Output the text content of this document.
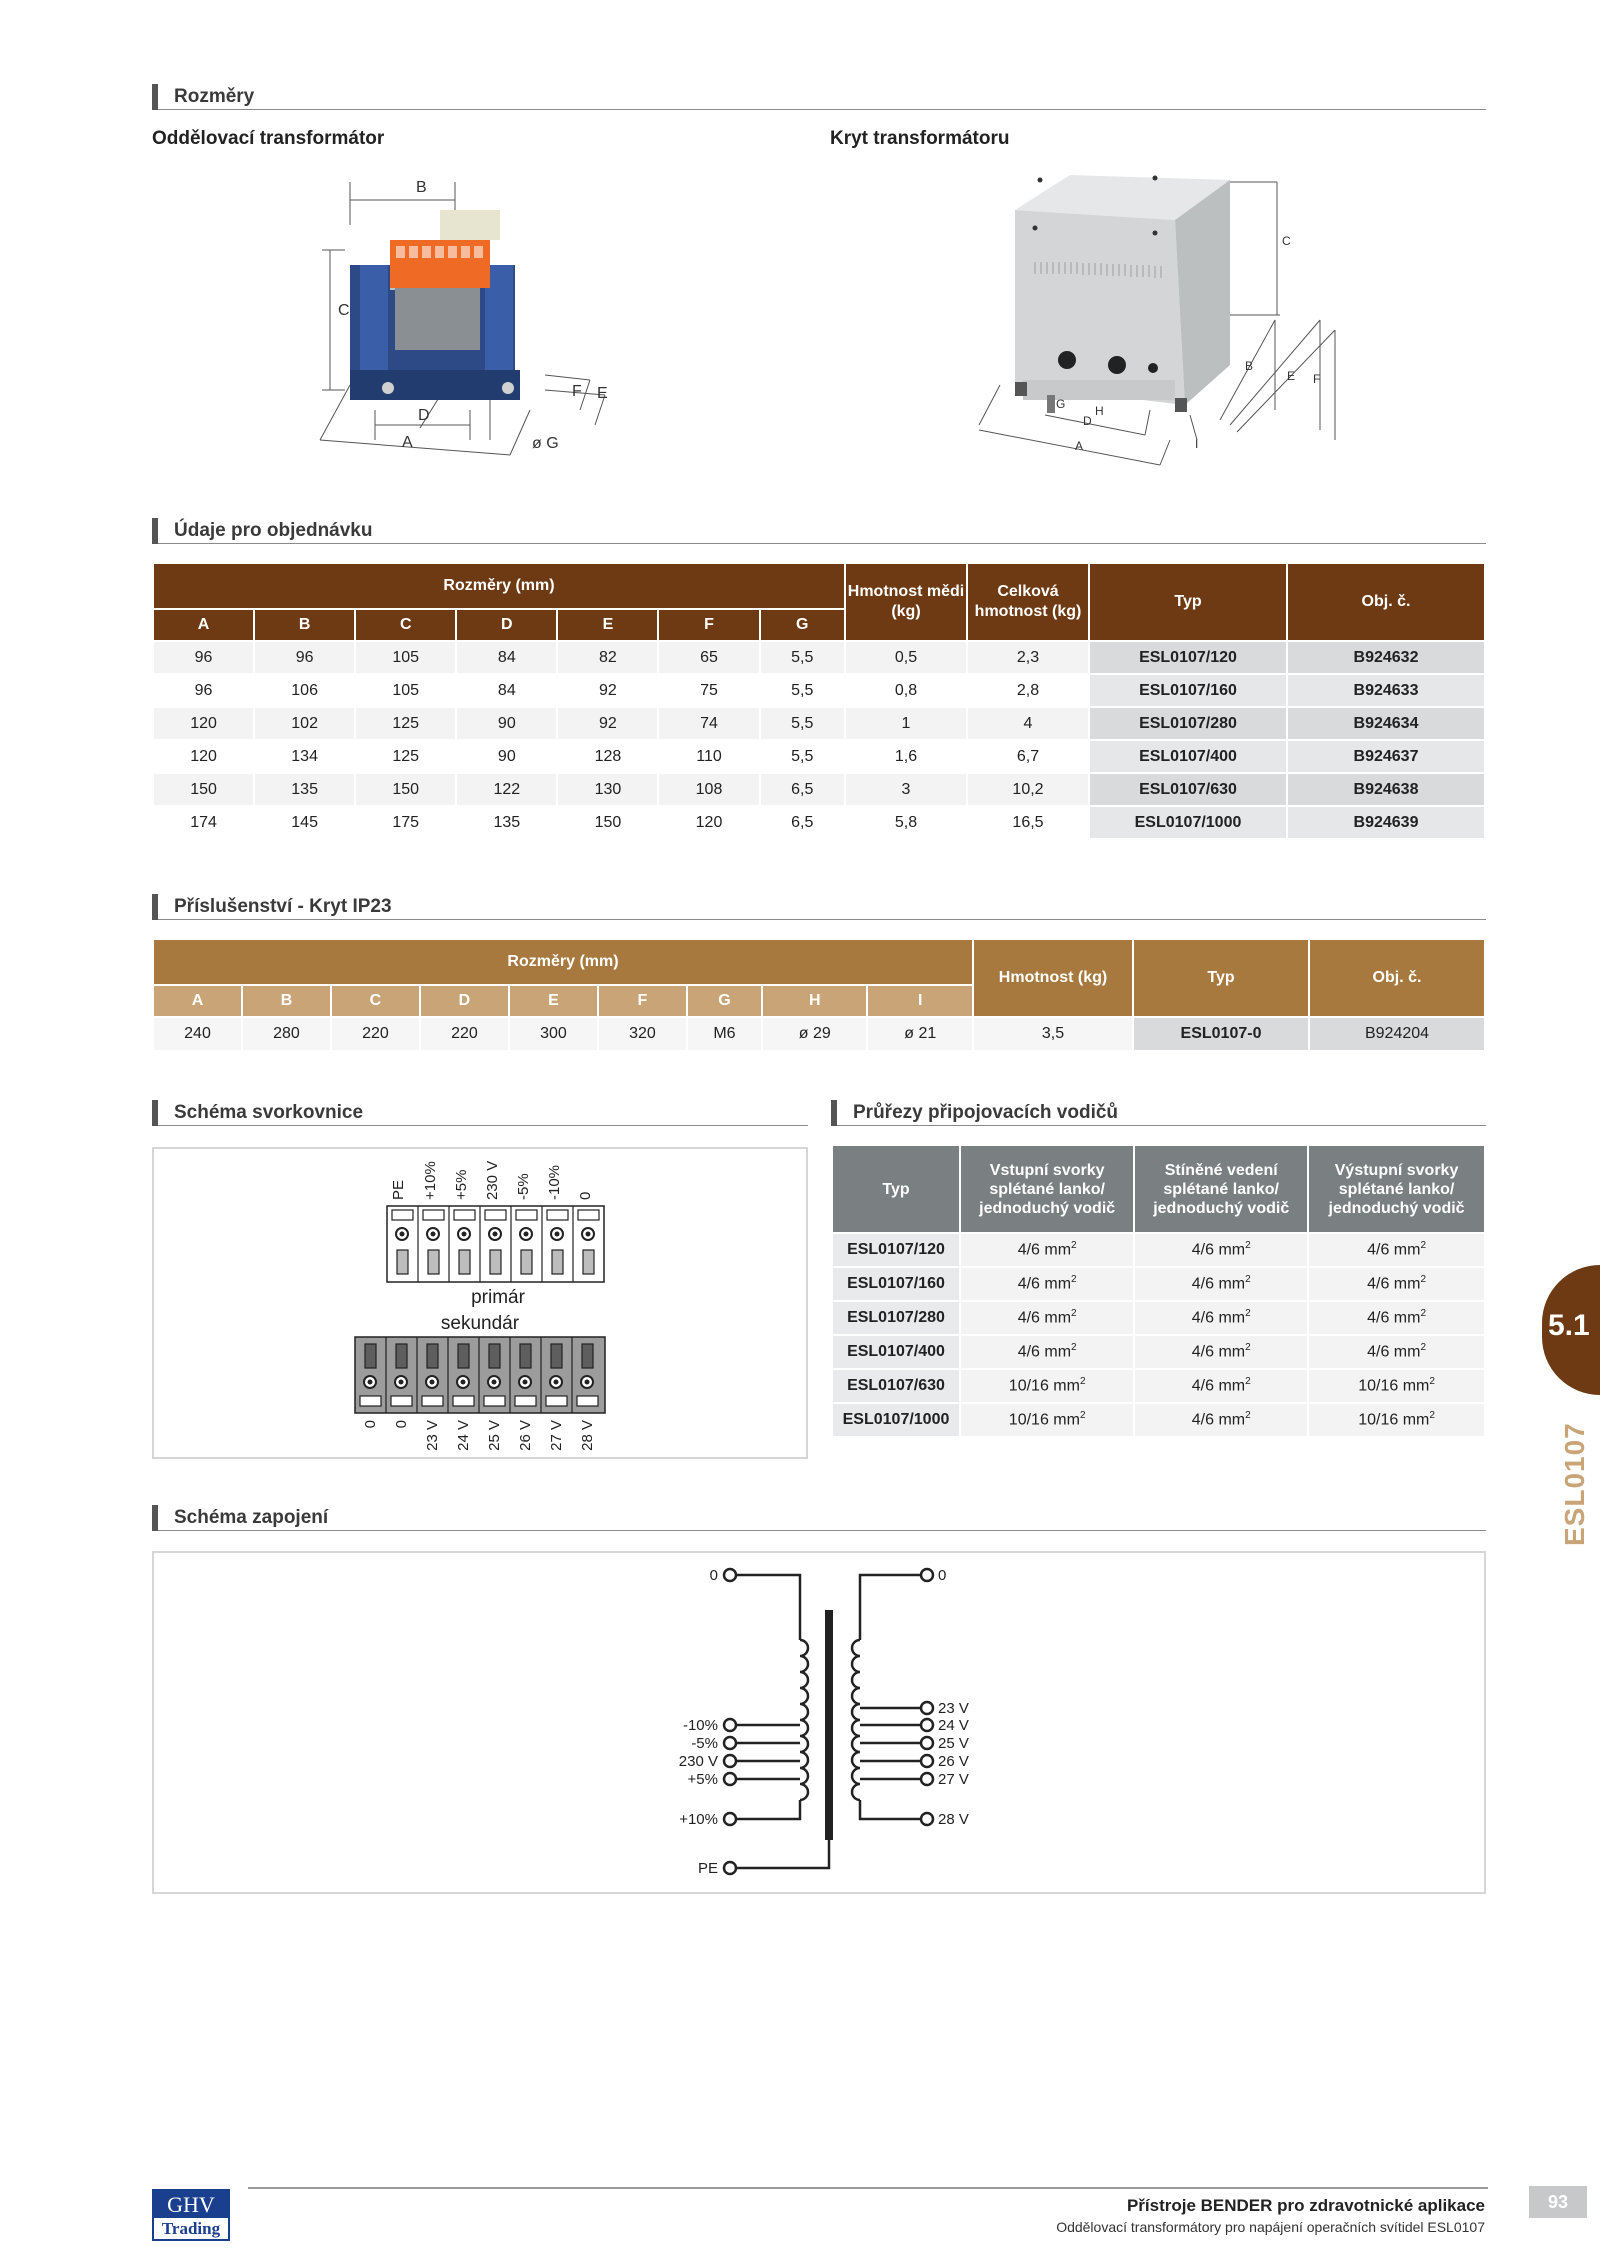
Rozměry
Oddělovací transformátor	Kryt transformátoru
B
C
D
A
F E
ø G
C
B
E F
G H
D
A	I
Údaje pro objednávku
Rozměry (mm)							Hmotnost mědi (kg)	Celková hmotnost (kg)	Typ	Obj. č.
A	B	C	D	E	F	G				
96	96	105	84	82	65	5,5	0,5	2,3	ESL0107/120	B924632
96	106	105	84	92	75	5,5	0,8	2,8	ESL0107/160	B924633
120	102	125	90	92	74	5,5	1	4	ESL0107/280	B924634
120	134	125	90	128	110	5,5	1,6	6,7	ESL0107/400	B924637
150	135	150	122	130	108	6,5	3	10,2	ESL0107/630	B924638
174	145	175	135	150	120	6,5	5,8	16,5	ESL0107/1000	B924639
Příslušenství - Kryt IP23
Rozměry (mm)									Hmotnost (kg)	Typ	Obj. č.
A	B	C	D	E	F	G	H	I			
240	280	220	220	300	320	M6	ø 29	ø 21	3,5	ESL0107-0	B924204
Schéma svorkovnice
PE +10% +5% 230 V -5% -10% 0
primár
sekundár
0 0 23 V 24 V 25 V 26 V 27 V 28 V
Průřezy připojovacích vodičů
Typ	Vstupní svorky splétané lanko/ jednoduchý vodič	Stíněné vedení splétané lanko/ jednoduchý vodič	Výstupní svorky splétané lanko/ jednoduchý vodič
ESL0107/120	4/6 $mm^2$	4/6 $mm^2$	4/6 $mm^2$
ESL0107/160	4/6 $mm^2$	4/6 $mm^2$	4/6 $mm^2$
ESL0107/280	4/6 $mm^2$	4/6 $mm^2$	4/6 $mm^2$
ESL0107/400	4/6 $mm^2$	4/6 $mm^2$	4/6 $mm^2$
ESL0107/630	10/16 $mm^2$	4/6 $mm^2$	10/16 $mm^2$
ESL0107/1000	10/16 $mm^2$	4/6 $mm^2$	10/16 $mm^2$
5.1
ESL0107
Schéma zapojení
0
-10%
-5%
230 V
+5%
+10%
PE
0
23 V
24 V
25 V
26 V
27 V
28 V
GHV
Trading
Přístroje BENDER pro zdravotnické aplikace
Oddělovací transformátory pro napájení operačních svítidel ESL0107
93
